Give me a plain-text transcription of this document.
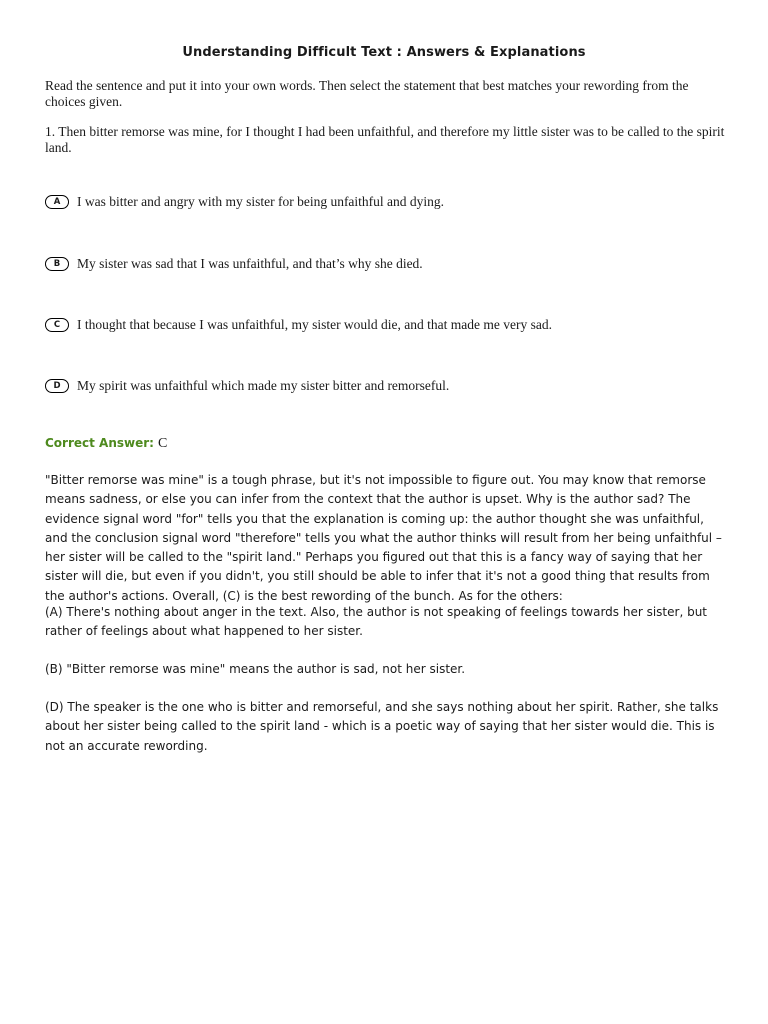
Understanding Difficult Text : Answers & Explanations
Read the sentence and put it into your own words. Then select the statement that best matches your rewording from the choices given.
1. Then bitter remorse was mine, for I thought I had been unfaithful, and therefore my little sister was to be called to the spirit land.
A	I was bitter and angry with my sister for being unfaithful and dying.
B	My sister was sad that I was unfaithful, and that’s why she died.
C	I thought that because I was unfaithful, my sister would die, and that made me very sad.
D	My spirit was unfaithful which made my sister bitter and remorseful.
Correct Answer: C
"Bitter remorse was mine" is a tough phrase, but it's not impossible to figure out. You may know that remorse means sadness, or else you can infer from the context that the author is upset. Why is the author sad? The evidence signal word "for" tells you that the explanation is coming up: the author thought she was unfaithful, and the conclusion signal word "therefore" tells you what the author thinks will result from her being unfaithful – her sister will be called to the "spirit land." Perhaps you figured out that this is a fancy way of saying that her sister will die, but even if you didn't, you still should be able to infer that it's not a good thing that results from the author's actions. Overall, (C) is the best rewording of the bunch. As for the others:
(A) There's nothing about anger in the text. Also, the author is not speaking of feelings towards her sister, but rather of feelings about what happened to her sister.
(B) "Bitter remorse was mine" means the author is sad, not her sister.
(D) The speaker is the one who is bitter and remorseful, and she says nothing about her spirit. Rather, she talks about her sister being called to the spirit land - which is a poetic way of saying that her sister would die. This is not an accurate rewording.
